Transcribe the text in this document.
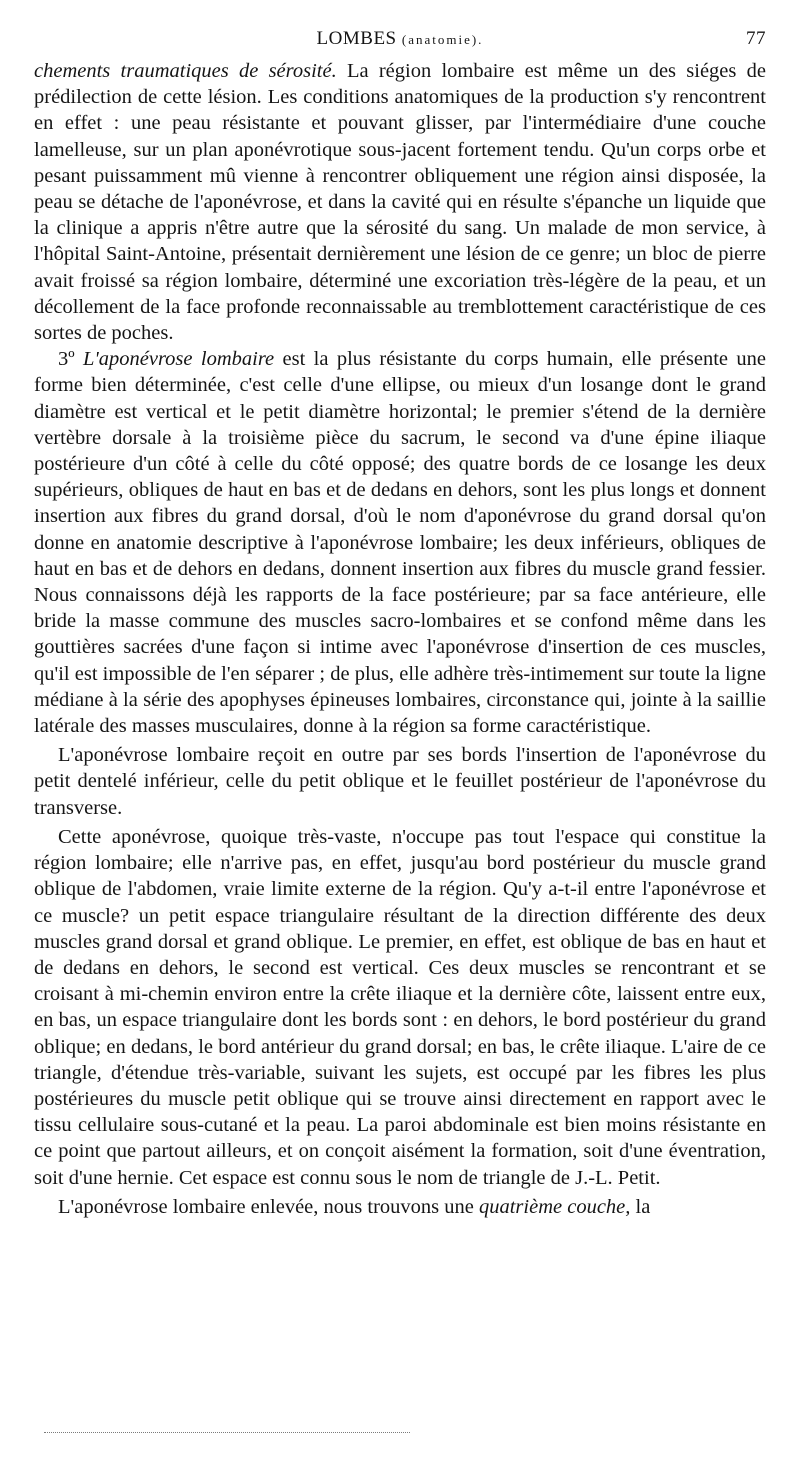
LOMBES (anatomie).	77

chements traumatiques de sérosité. La région lombaire est même un des siéges de prédilection de cette lésion. Les conditions anatomiques de la production s'y rencontrent en effet : une peau résistante et pouvant glisser, par l'intermédiaire d'une couche lamelleuse, sur un plan aponévrotique sous-jacent fortement tendu. Qu'un corps orbe et pesant puissamment mû vienne à rencontrer obliquement une région ainsi disposée, la peau se détache de l'aponévrose, et dans la cavité qui en résulte s'épanche un liquide que la clinique a appris n'être autre que la sérosité du sang. Un malade de mon service, à l'hôpital Saint-Antoine, présentait dernièrement une lésion de ce genre; un bloc de pierre avait froissé sa région lombaire, déterminé une excoriation très-légère de la peau, et un décollement de la face profonde reconnaissable au tremblottement caractéristique de ces sortes de poches.

3º L'aponévrose lombaire est la plus résistante du corps humain, elle présente une forme bien déterminée, c'est celle d'une ellipse, ou mieux d'un losange dont le grand diamètre est vertical et le petit diamètre horizontal; le premier s'étend de la dernière vertèbre dorsale à la troisième pièce du sacrum, le second va d'une épine iliaque postérieure d'un côté à celle du côté opposé; des quatre bords de ce losange les deux supérieurs, obliques de haut en bas et de dedans en dehors, sont les plus longs et donnent insertion aux fibres du grand dorsal, d'où le nom d'aponévrose du grand dorsal qu'on donne en anatomie descriptive à l'aponévrose lombaire; les deux inférieurs, obliques de haut en bas et de dehors en dedans, donnent insertion aux fibres du muscle grand fessier. Nous connaissons déjà les rapports de la face postérieure; par sa face antérieure, elle bride la masse commune des muscles sacro-lombaires et se confond même dans les gouttières sacrées d'une façon si intime avec l'aponévrose d'insertion de ces muscles, qu'il est impossible de l'en séparer ; de plus, elle adhère très-intimement sur toute la ligne médiane à la série des apophyses épineuses lombaires, circonstance qui, jointe à la saillie latérale des masses musculaires, donne à la région sa forme caractéristique.

L'aponévrose lombaire reçoit en outre par ses bords l'insertion de l'aponévrose du petit dentelé inférieur, celle du petit oblique et le feuillet postérieur de l'aponévrose du transverse.

Cette aponévrose, quoique très-vaste, n'occupe pas tout l'espace qui constitue la région lombaire; elle n'arrive pas, en effet, jusqu'au bord postérieur du muscle grand oblique de l'abdomen, vraie limite externe de la région. Qu'y a-t-il entre l'aponévrose et ce muscle? un petit espace triangulaire résultant de la direction différente des deux muscles grand dorsal et grand oblique. Le premier, en effet, est oblique de bas en haut et de dedans en dehors, le second est vertical. Ces deux muscles se rencontrant et se croisant à mi-chemin environ entre la crête iliaque et la dernière côte, laissent entre eux, en bas, un espace triangulaire dont les bords sont : en dehors, le bord postérieur du grand oblique; en dedans, le bord antérieur du grand dorsal; en bas, le crête iliaque. L'aire de ce triangle, d'étendue très-variable, suivant les sujets, est occupé par les fibres les plus postérieures du muscle petit oblique qui se trouve ainsi directement en rapport avec le tissu cellulaire sous-cutané et la peau. La paroi abdominale est bien moins résistante en ce point que partout ailleurs, et on conçoit aisément la formation, soit d'une éventration, soit d'une hernie. Cet espace est connu sous le nom de triangle de J.-L. Petit.

L'aponévrose lombaire enlevée, nous trouvons une quatrième couche, la
